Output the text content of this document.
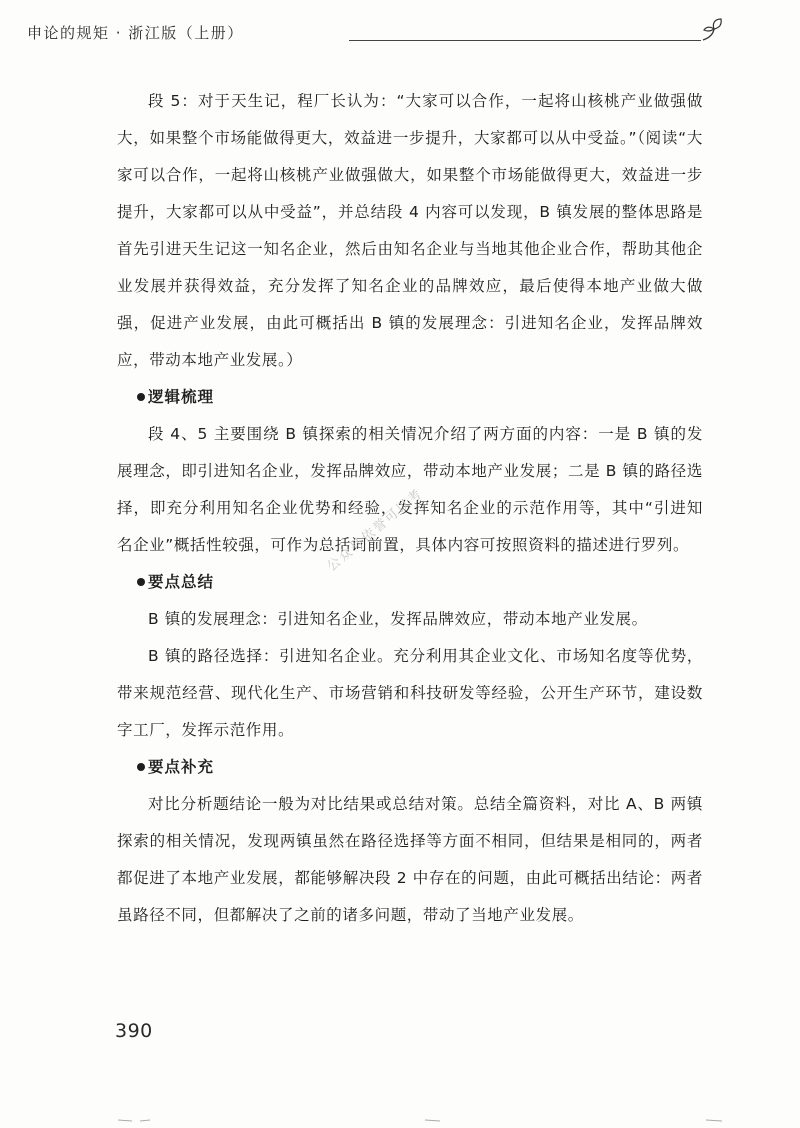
申论的规矩 · 浙江版（上册）

段 5：对于天生记，程厂长认为：“大家可以合作，一起将山核桃产业做强做大，如果整个市场能做得更大，效益进一步提升，大家都可以从中受益。”（阅读“大家可以合作，一起将山核桃产业做强做大，如果整个市场能做得更大，效益进一步提升，大家都可以从中受益”，并总结段 4 内容可以发现，B 镇发展的整体思路是首先引进天生记这一知名企业，然后由知名企业与当地其他企业合作，帮助其他企业发展并获得效益，充分发挥了知名企业的品牌效应，最后使得本地产业做大做强，促进产业发展，由此可概括出 B 镇的发展理念：引进知名企业，发挥品牌效应，带动本地产业发展。）

逻辑梳理

段 4、5 主要围绕 B 镇探索的相关情况介绍了两方面的内容：一是 B 镇的发展理念，即引进知名企业，发挥品牌效应，带动本地产业发展；二是 B 镇的路径选择，即充分利用知名企业优势和经验，发挥知名企业的示范作用等，其中“引进知名企业”概括性较强，可作为总括词前置，具体内容可按照资料的描述进行罗列。

要点总结

B 镇的发展理念：引进知名企业，发挥品牌效应，带动本地产业发展。

B 镇的路径选择：引进知名企业。充分利用其企业文化、市场知名度等优势，带来规范经营、现代化生产、市场营销和科技研发等经验，公开生产环节，建设数字工厂，发挥示范作用。

要点补充

对比分析题结论一般为对比结果或总结对策。总结全篇资料，对比 A、B 两镇探索的相关情况，发现两镇虽然在路径选择等方面不相同，但结果是相同的，两者都促进了本地产业发展，都能够解决段 2 中存在的问题，由此可概括出结论：两者虽路径不同，但都解决了之前的诸多问题，带动了当地产业发展。

公众号依誉可以考
390
